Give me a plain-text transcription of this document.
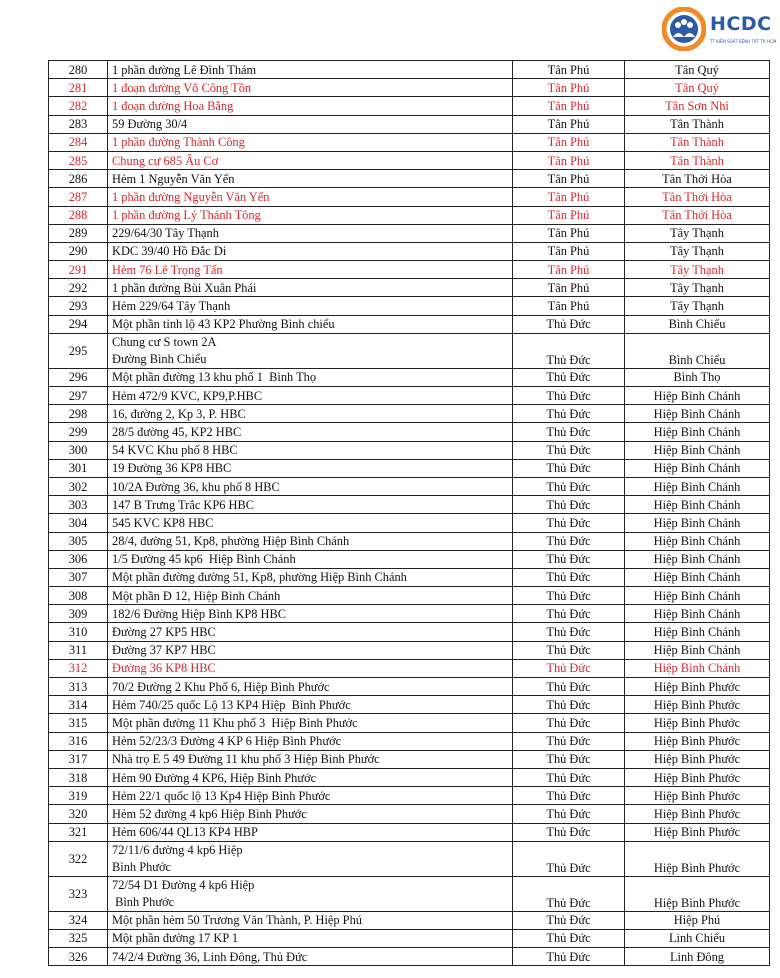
HCDC
TT KIỂM SOÁT BỆNH TẬT TP. HCM
280	1 phần đường Lê Đình Thám	Tân Phú	Tân Quý
281	1 đoạn đường Võ Công Tồn	Tân Phú	Tân Quý
282	1 đoạn đường Hoa Bằng	Tân Phú	Tân Sơn Nhì
283	59 Đường 30/4	Tân Phú	Tân Thành
284	1 phần đường Thành Công	Tân Phú	Tân Thành
285	Chung cư 685 Âu Cơ	Tân Phú	Tân Thành
286	Hẻm 1 Nguyễn Văn Yến	Tân Phú	Tân Thới Hòa
287	1 phần đường Nguyễn Văn Yến	Tân Phú	Tân Thới Hòa
288	1 phần đường Lý Thánh Tông	Tân Phú	Tân Thới Hòa
289	229/64/30 Tây Thạnh	Tân Phú	Tây Thạnh
290	KDC 39/40 Hồ Đắc Di	Tân Phú	Tây Thạnh
291	Hẻm 76 Lê Trọng Tấn	Tân Phú	Tây Thạnh
292	1 phần đường Bùi Xuân Phái	Tân Phú	Tây Thạnh
293	Hẻm 229/64 Tây Thạnh	Tân Phú	Tây Thạnh
294	Một phần tỉnh lộ 43 KP2 Phường Bình chiểu	Thủ Đức	Bình Chiểu
295	Chung cư S town 2A
Đường Bình Chiểu	Thủ Đức	Bình Chiểu
296	Một phần đường 13 khu phố 1  Bình Thọ	Thủ Đức	Bình Thọ
297	Hẻm 472/9 KVC, KP9,P.HBC	Thủ Đức	Hiệp Bình Chánh
298	16, đường 2, Kp 3, P. HBC	Thủ Đức	Hiệp Bình Chánh
299	28/5 đường 45, KP2 HBC	Thủ Đức	Hiệp Bình Chánh
300	54 KVC Khu phố 8 HBC	Thủ Đức	Hiệp Bình Chánh
301	19 Đường 36 KP8 HBC	Thủ Đức	Hiệp Bình Chánh
302	10/2A Đường 36, khu phố 8 HBC	Thủ Đức	Hiệp Bình Chánh
303	147 B Trưng Trắc KP6 HBC	Thủ Đức	Hiệp Bình Chánh
304	545 KVC KP8 HBC	Thủ Đức	Hiệp Bình Chánh
305	28/4, đường 51, Kp8, phường Hiệp Bình Chánh	Thủ Đức	Hiệp Bình Chánh
306	1/5 Đường 45 kp6  Hiệp Bình Chánh	Thủ Đức	Hiệp Bình Chánh
307	Một phần đường đường 51, Kp8, phường Hiệp Bình Chánh	Thủ Đức	Hiệp Bình Chánh
308	Một phần Đ 12, Hiệp Bình Chánh	Thủ Đức	Hiệp Bình Chánh
309	182/6 Đường Hiệp Bình KP8 HBC	Thủ Đức	Hiệp Bình Chánh
310	Đường 27 KP5 HBC	Thủ Đức	Hiệp Bình Chánh
311	Đường 37 KP7 HBC	Thủ Đức	Hiệp Bình Chánh
312	Đường 36 KP8 HBC	Thủ Đức	Hiệp Bình Chánh
313	70/2 Đường 2 Khu Phố 6, Hiệp Bình Phước	Thủ Đức	Hiệp Bình Phước
314	Hẻm 740/25 quốc Lộ 13 KP4 Hiệp  Bình Phước	Thủ Đức	Hiệp Bình Phước
315	Một phần đường 11 Khu phố 3  Hiệp Bình Phước	Thủ Đức	Hiệp Bình Phước
316	Hẻm 52/23/3 Đường 4 KP 6 Hiệp Bình Phước	Thủ Đức	Hiệp Bình Phước
317	Nhà trọ E 5 49 Đường 11 khu phố 3 Hiệp Bình Phước	Thủ Đức	Hiệp Bình Phước
318	Hẻm 90 Đường 4 KP6, Hiệp Bình Phước	Thủ Đức	Hiệp Bình Phước
319	Hẻm 22/1 quốc lộ 13 Kp4 Hiệp Bình Phước	Thủ Đức	Hiệp Bình Phước
320	Hẻm 52 đường 4 kp6 Hiệp Bình Phước	Thủ Đức	Hiệp Bình Phước
321	Hẻm 606/44 QL13 KP4 HBP	Thủ Đức	Hiệp Bình Phước
322	72/11/6 đường 4 kp6 Hiệp
Bình Phước	Thủ Đức	Hiệp Bình Phước
323	72/54 D1 Đường 4 kp6 Hiệp
Bình Phước	Thủ Đức	Hiệp Bình Phước
324	Một phần hẻm 50 Trương Văn Thành, P. Hiệp Phú	Thủ Đức	Hiệp Phú
325	Một phần đường 17 KP 1	Thủ Đức	Linh Chiểu
326	74/2/4 Đường 36, Linh Đông, Thủ Đức	Thủ Đức	Linh Đông
